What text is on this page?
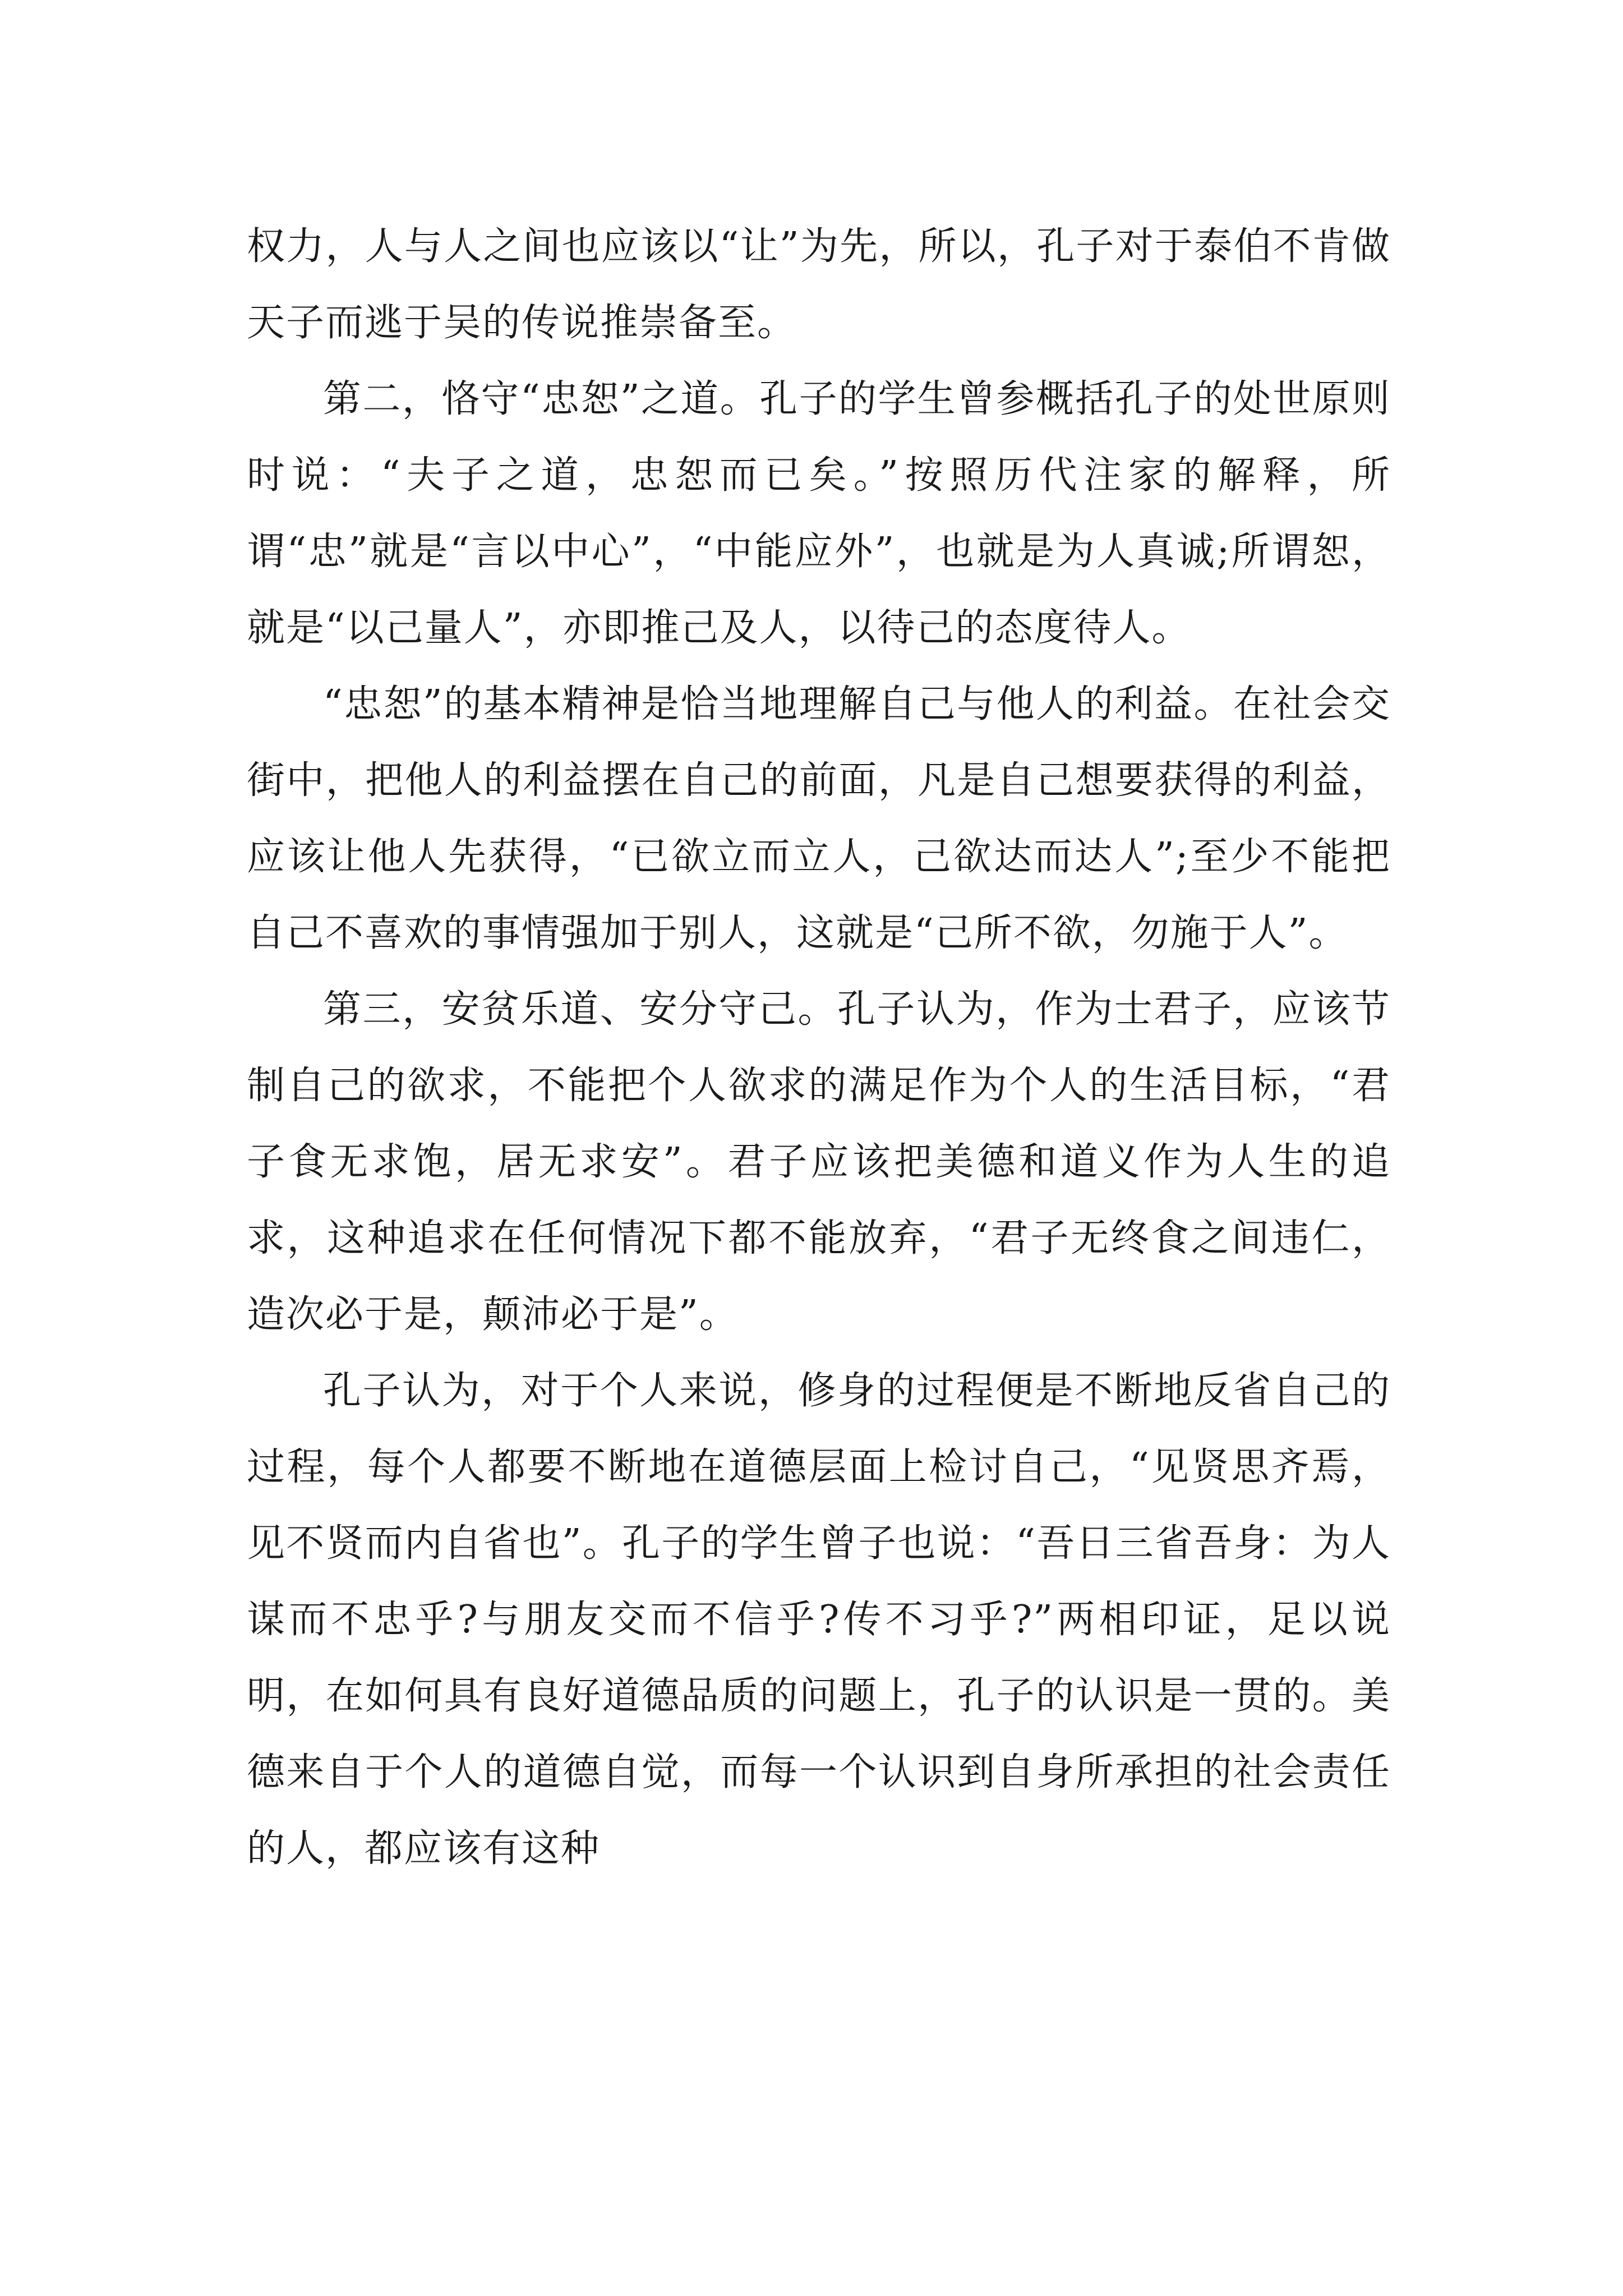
权力，人与人之间也应该以“让”为先，所以，孔子对于泰伯不肯做天子而逃于吴的传说推崇备至。

第二，恪守“忠恕”之道。孔子的学生曾参概括孔子的处世原则时说：“夫子之道，忠恕而已矣。”按照历代注家的解释，所谓“忠”就是“言以中心”，“中能应外”，也就是为人真诚;所谓恕，就是“以己量人”，亦即推己及人，以待己的态度待人。

“忠恕”的基本精神是恰当地理解自己与他人的利益。在社会交街中，把他人的利益摆在自己的前面，凡是自己想要获得的利益，应该让他人先获得，“已欲立而立人，己欲达而达人”;至少不能把自己不喜欢的事情强加于别人，这就是“己所不欲，勿施于人”。

第三，安贫乐道、安分守己。孔子认为，作为士君子，应该节制自己的欲求，不能把个人欲求的满足作为个人的生活目标，“君子食无求饱，居无求安”。君子应该把美德和道义作为人生的追求，这种追求在任何情况下都不能放弃，“君子无终食之间违仁，造次必于是，颠沛必于是”。

孔子认为，对于个人来说，修身的过程便是不断地反省自己的过程，每个人都要不断地在道德层面上检讨自己，“见贤思齐焉，见不贤而内自省也”。孔子的学生曾子也说：“吾日三省吾身：为人谋而不忠乎?与朋友交而不信乎?传不习乎?”两相印证，足以说明，在如何具有良好道德品质的问题上，孔子的认识是一贯的。美德来自于个人的道德自觉，而每一个认识到自身所承担的社会责任的人，都应该有这种
